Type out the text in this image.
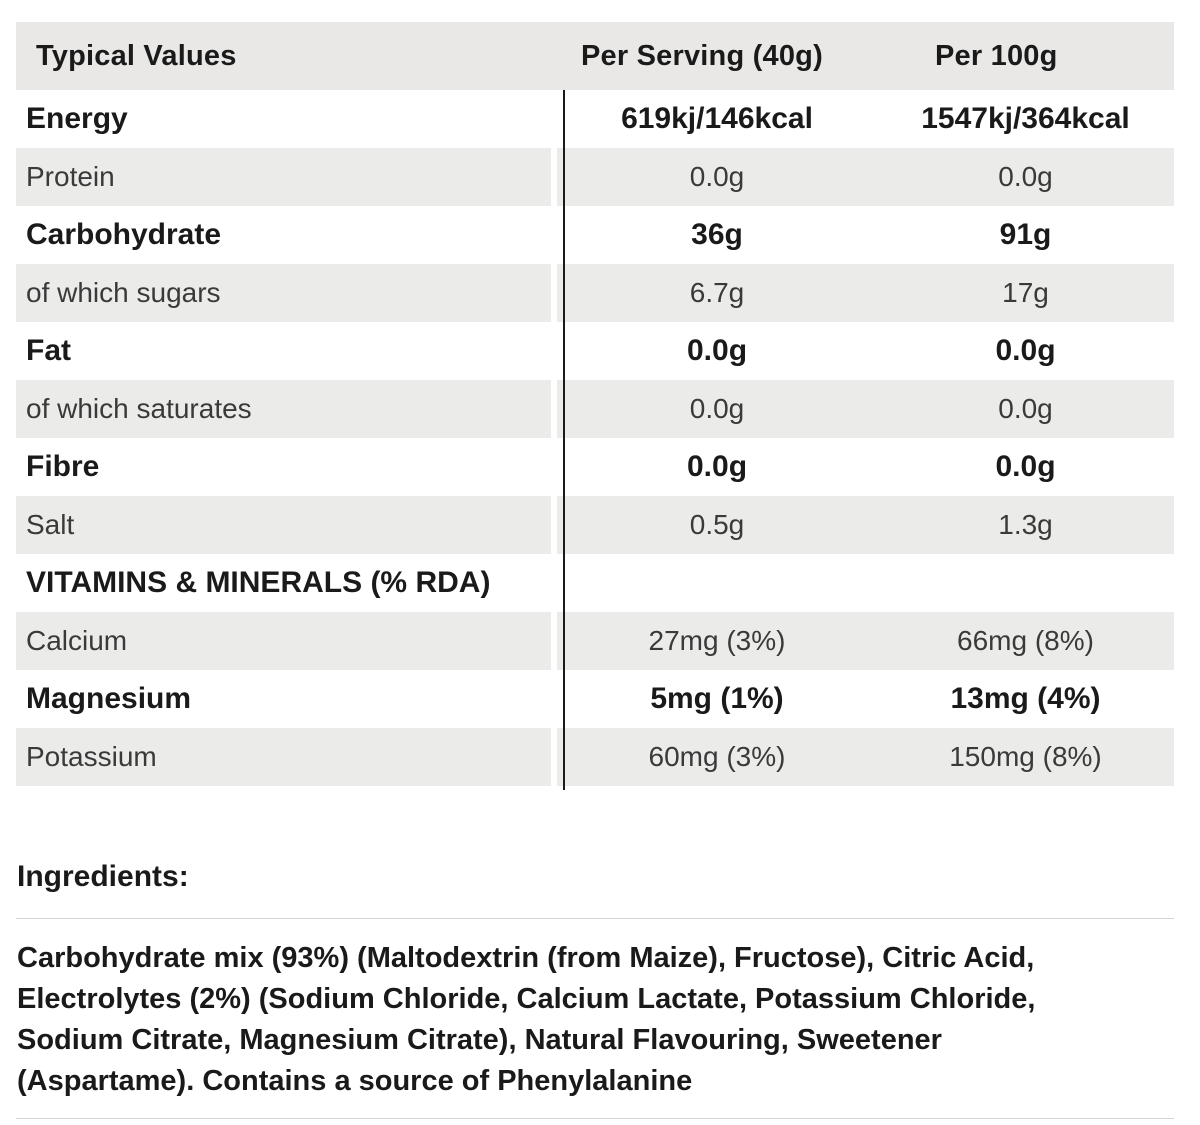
Typical Values	Per Serving (40g)	Per 100g
Energy	619kj/146kcal	1547kj/364kcal
Protein	0.0g	0.0g
Carbohydrate	36g	91g
of which sugars	6.7g	17g
Fat	0.0g	0.0g
of which saturates	0.0g	0.0g
Fibre	0.0g	0.0g
Salt	0.5g	1.3g
VITAMINS & MINERALS (% RDA)
Calcium	27mg (3%)	66mg (8%)
Magnesium	5mg (1%)	13mg (4%)
Potassium	60mg (3%)	150mg (8%)
Ingredients:
Carbohydrate mix (93%) (Maltodextrin (from Maize), Fructose), Citric Acid,
Electrolytes (2%) (Sodium Chloride, Calcium Lactate, Potassium Chloride,
Sodium Citrate, Magnesium Citrate), Natural Flavouring, Sweetener
(Aspartame). Contains a source of Phenylalanine
